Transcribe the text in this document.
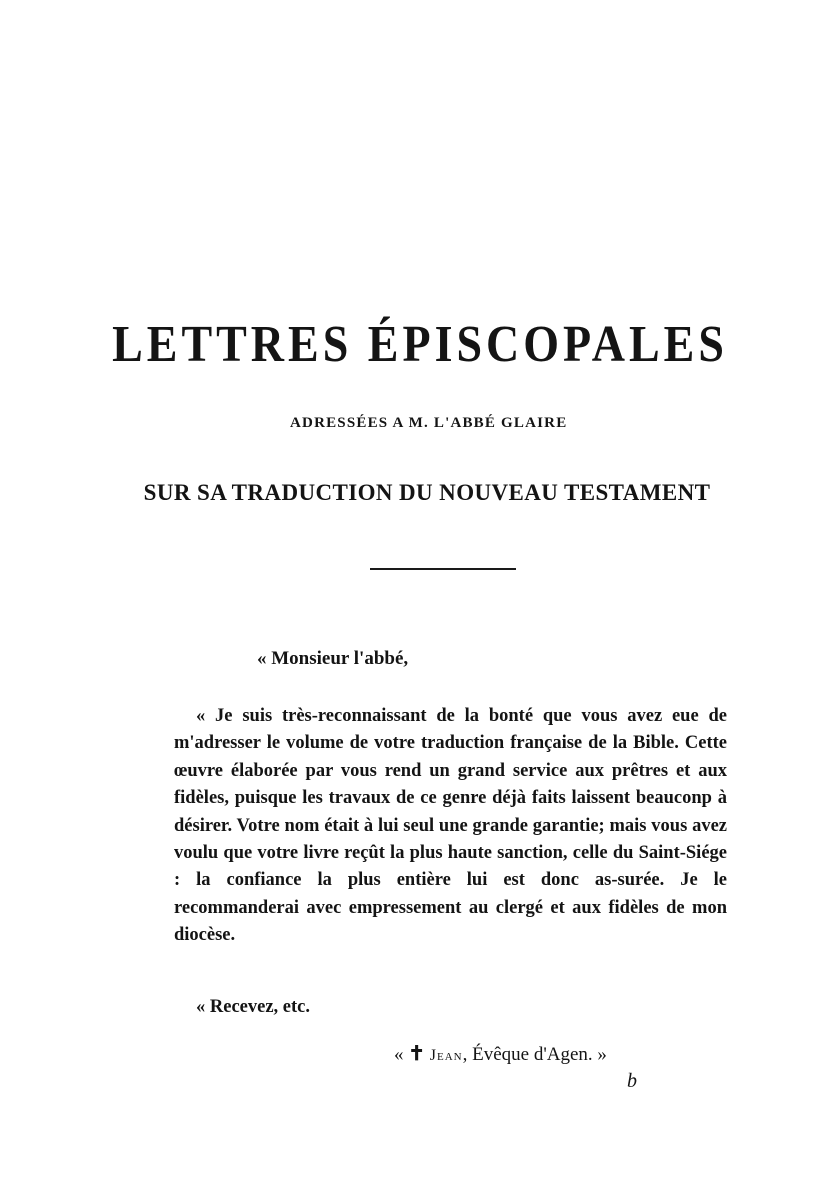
LETTRES ÉPISCOPALES
ADRESSÉES A M. L'ABBÉ GLAIRE
SUR SA TRADUCTION DU NOUVEAU TESTAMENT
« Monsieur l'abbé,
« Je suis très-reconnaissant de la bonté que vous avez eue de m'adresser le volume de votre traduction française de la Bible. Cette œuvre élaborée par vous rend un grand service aux prêtres et aux fidèles, puisque les travaux de ce genre déjà faits laissent beauconp à désirer. Votre nom était à lui seul une grande garantie; mais vous avez voulu que votre livre reçût la plus haute sanction, celle du Saint-Siége : la confiance la plus entière lui est donc as-surée. Je le recommanderai avec empressement au clergé et aux fidèles de mon diocèse.
« Recevez, etc.
« ✝ Jean, Évêque d'Agen. »
b
